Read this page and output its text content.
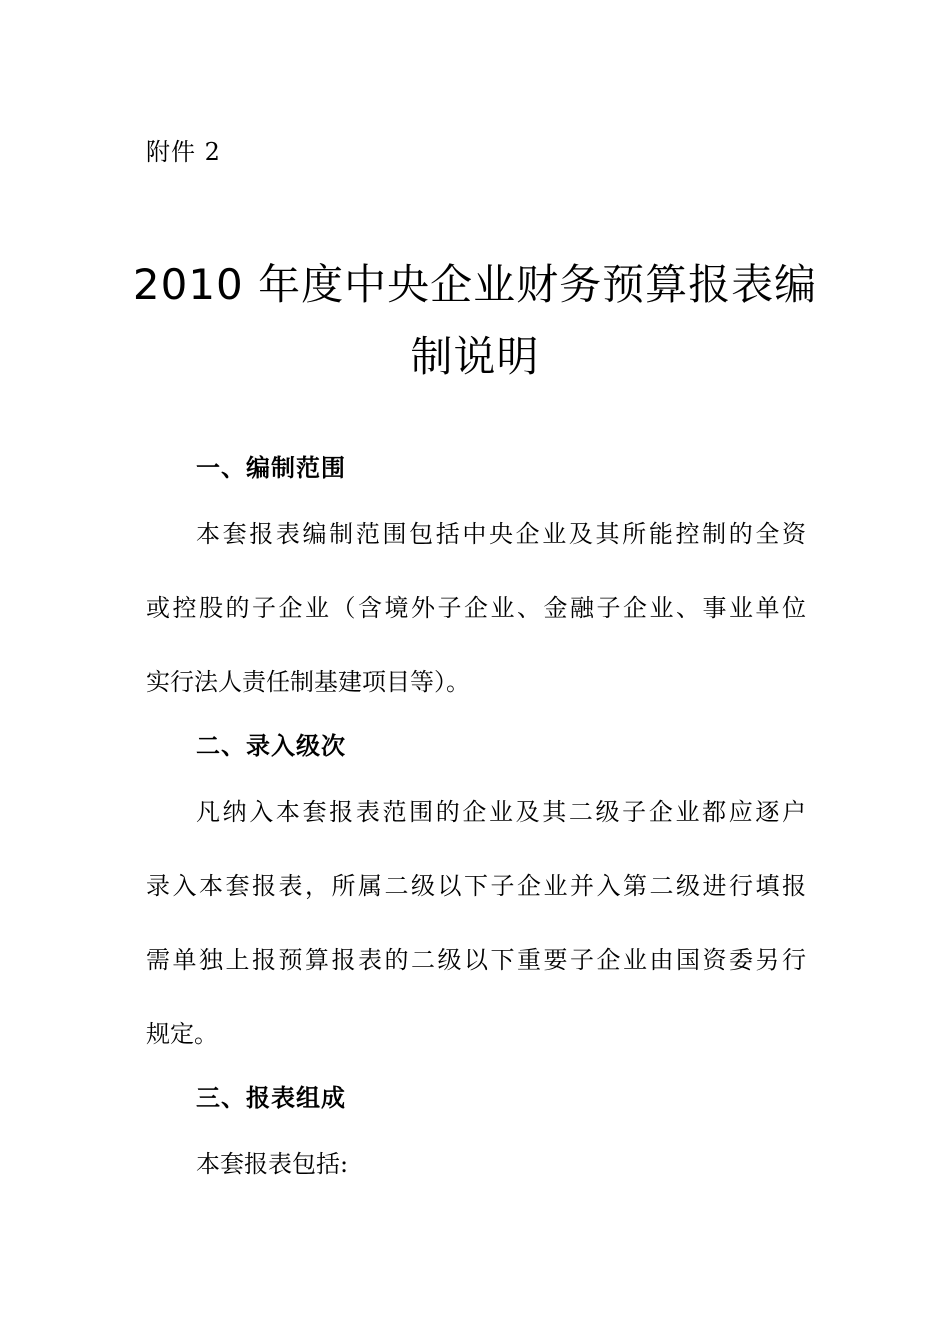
附件 2
2010 年度中央企业财务预算报表编
制说明
一、编制范围
本套报表编制范围包括中央企业及其所能控制的全资
或控股的子企业（含境外子企业、金融子企业、事业单位
实行法人责任制基建项目等）。
二、录入级次
凡纳入本套报表范围的企业及其二级子企业都应逐户
录入本套报表，所属二级以下子企业并入第二级进行填报
需单独上报预算报表的二级以下重要子企业由国资委另行
规定。
三、报表组成
本套报表包括:
